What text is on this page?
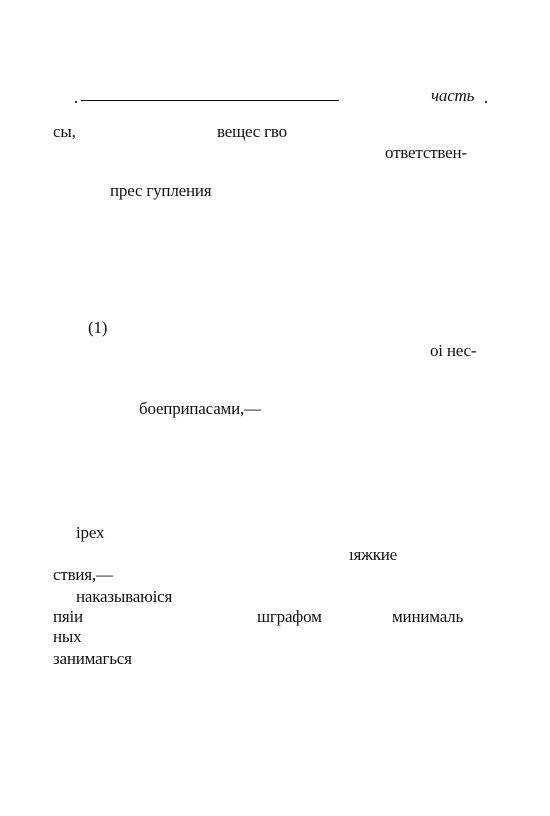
часть
сы,	вещес гво
ответствен-
прес гупления
(1)
оі нес-
боеприпасами,—
ірех
ıяжкие
ствия,—
наказываюіся
пяіи	шграфом	минималь
ных
занимагься
